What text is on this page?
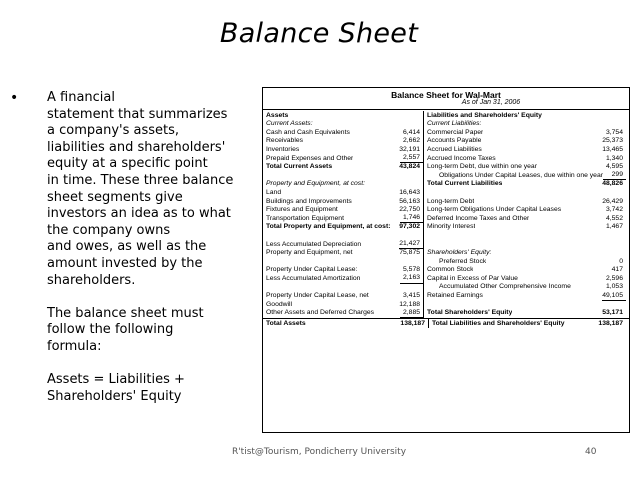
Balance Sheet
• A financial
statement that summarizes
a company's assets,
liabilities and shareholders'
equity at a specific point
in time. These three balance
sheet segments give
investors an idea as to what
the company owns
and owes, as well as the
amount invested by the
shareholders.
The balance sheet must
follow the following
formula:
Assets = Liabilities +
Shareholders' Equity
Balance Sheet for Wal-Mart
As of Jan 31, 2006
Assets
Current Assets:
Cash and Cash Equivalents	6,414
Receivables	2,662
Inventories	32,191
Prepaid Expenses and Other	2,557
Total Current Assets	43,824
Property and Equipment, at cost:
Land	16,643
Buildings and Improvements	56,163
Fixtures and Equipment	22,750
Transportation Equipment	1,746
Total Property and Equipment, at cost: 97,302
Less Accumulated Depreciation	21,427
Property and Equipment, net	75,875
Property Under Capital Lease:	5,578
Less Accumulated Amortization	2,163
Property Under Capital Lease, net	3,415
Goodwill	12,188
Other Assets and Deferred Charges	2,885
Liabilities and Shareholders' Equity
Current Liabilities:
Commercial Paper	3,754
Accounts Payable	25,373
Accrued Liabilities	13,465
Accrued Income Taxes	1,340
Long-term Debt, due within one year	4,595
Obligations Under Capital Leases, due within one year	299
Total Current Liabilities	48,826
Long-term Debt	26,429
Long-term Obligations Under Capital Leases	3,742
Deferred Income Taxes and Other	4,552
Minority Interest	1,467
Shareholders' Equity:
Preferred Stock	0
Common Stock	417
Capital in Excess of Par Value	2,596
Accumulated Other Comprehensive Income	1,053
Retained Earnings	49,105
Total Shareholders' Equity	53,171
Total Assets	138,187	Total Liabilities and Shareholders' Equity	138,187
R'tist@Tourism, Pondicherry University	40
